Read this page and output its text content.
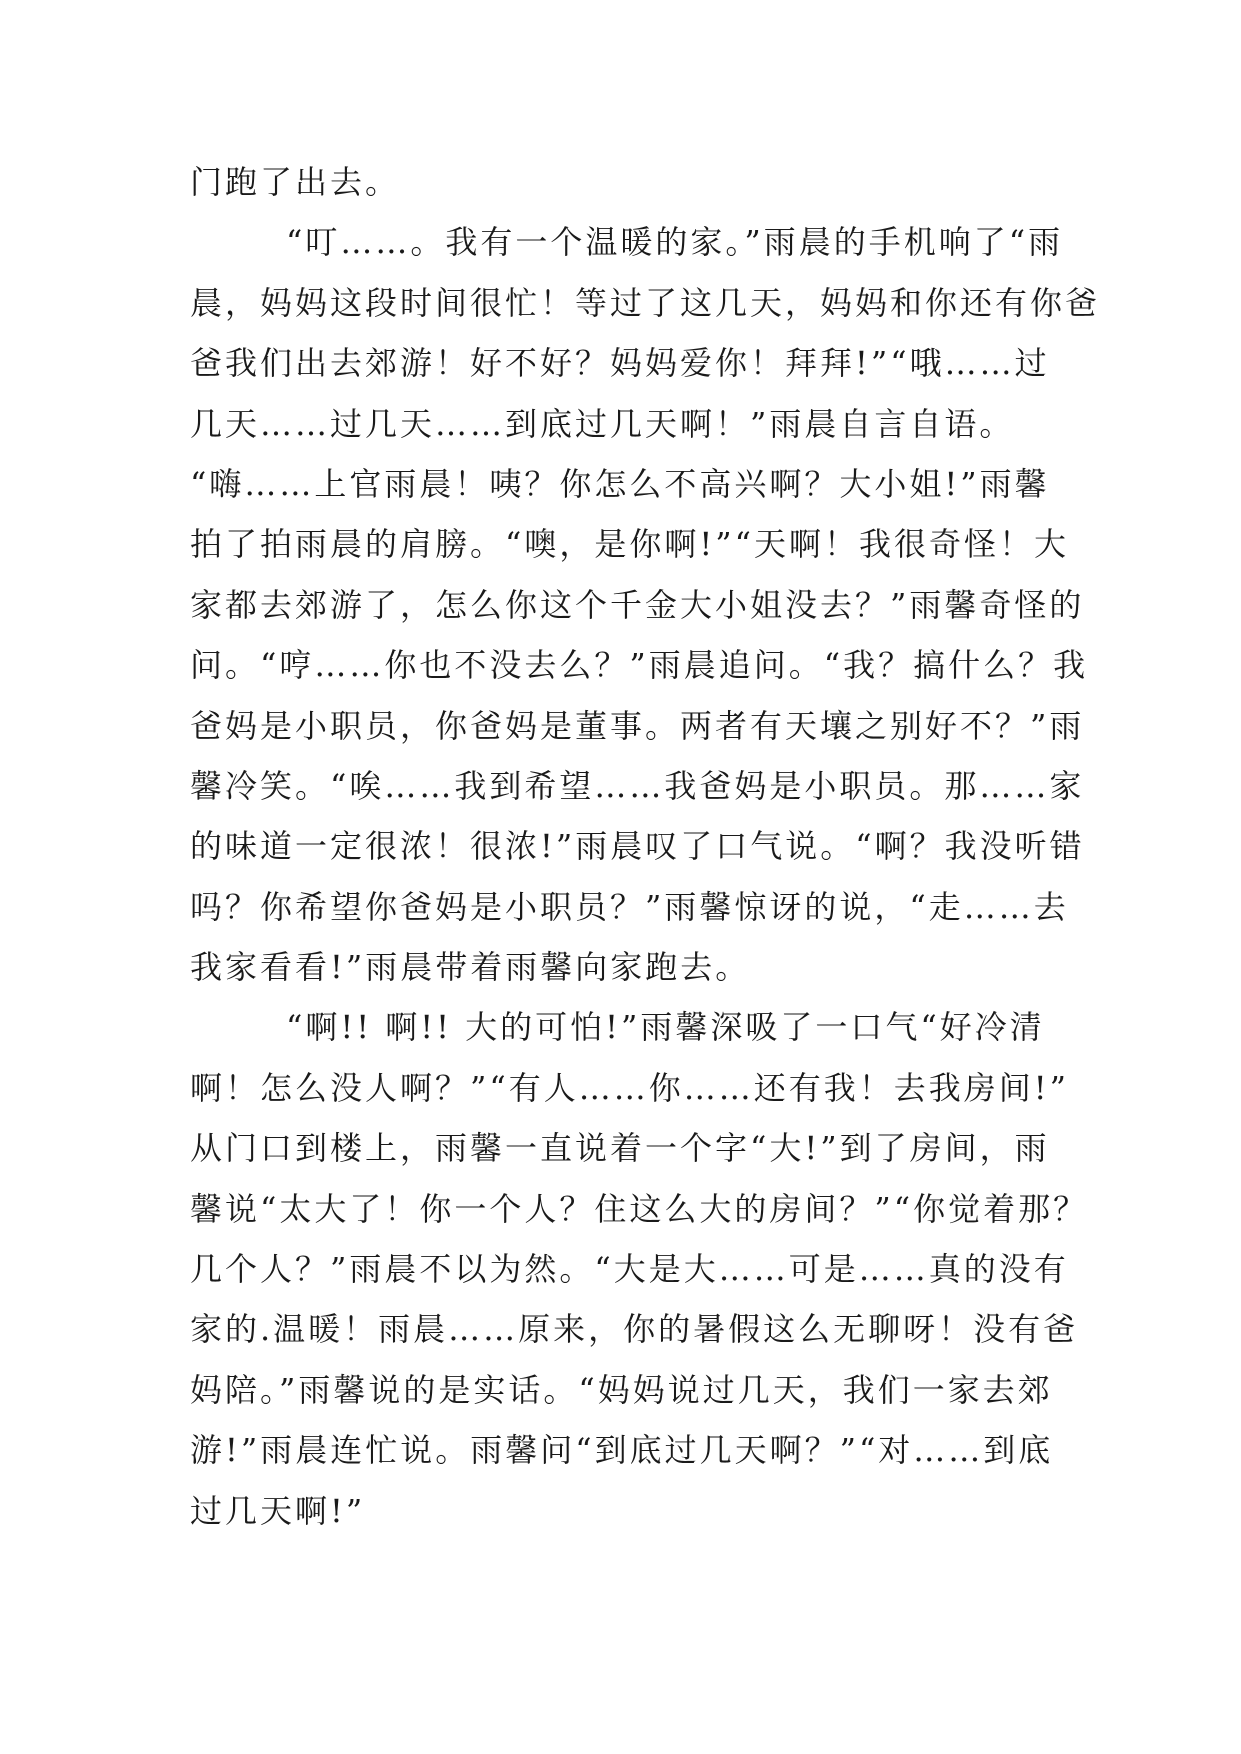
门跑了出去。
“叮……。我有一个温暖的家。”雨晨的手机响了“雨
晨，妈妈这段时间很忙！等过了这几天，妈妈和你还有你爸
爸我们出去郊游！好不好？妈妈爱你！拜拜!”“哦……过
几天……过几天……到底过几天啊！”雨晨自言自语。
“嗨……上官雨晨！咦？你怎么不高兴啊？大小姐!”雨馨
拍了拍雨晨的肩膀。“噢，是你啊!”“天啊！我很奇怪！大
家都去郊游了，怎么你这个千金大小姐没去？”雨馨奇怪的
问。“哼……你也不没去么？”雨晨追问。“我？搞什么？我
爸妈是小职员，你爸妈是董事。两者有天壤之别好不？”雨
馨冷笑。“唉……我到希望……我爸妈是小职员。那……家
的味道一定很浓！很浓!”雨晨叹了口气说。“啊？我没听错
吗？你希望你爸妈是小职员？”雨馨惊讶的说，“走……去
我家看看!”雨晨带着雨馨向家跑去。
“啊!! 啊!! 大的可怕!”雨馨深吸了一口气“好冷清
啊！怎么没人啊？”“有人……你……还有我！去我房间!”
从门口到楼上，雨馨一直说着一个字“大!”到了房间，雨
馨说“太大了！你一个人？住这么大的房间？”“你觉着那？
几个人？”雨晨不以为然。“大是大……可是……真的没有
家的.温暖！雨晨……原来，你的暑假这么无聊呀！没有爸
妈陪。”雨馨说的是实话。“妈妈说过几天，我们一家去郊
游!”雨晨连忙说。雨馨问“到底过几天啊？”“对……到底
过几天啊!”
